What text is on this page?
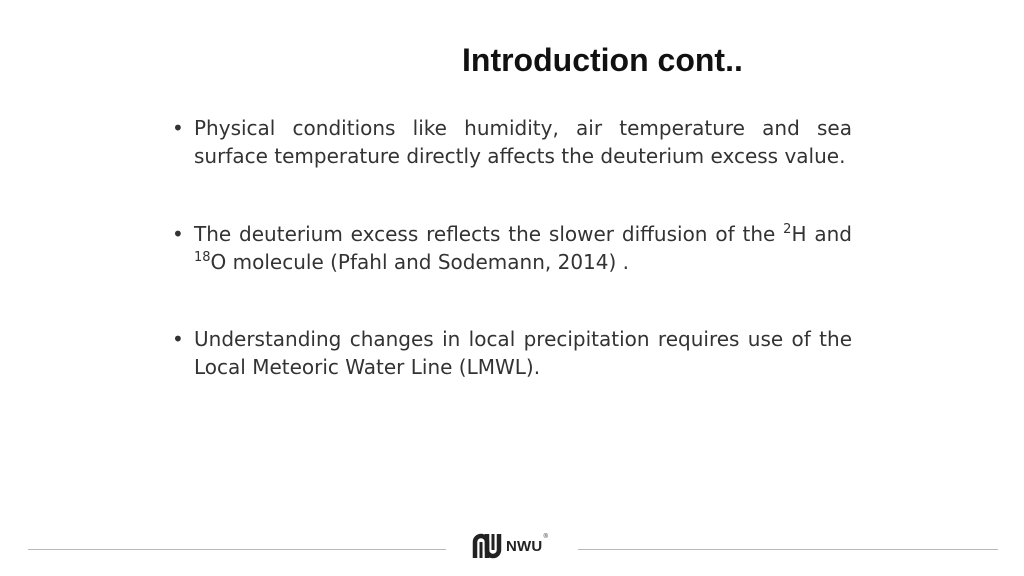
Introduction cont..
• Physical conditions like humidity, air temperature and sea surface temperature directly affects the deuterium excess value.
• The deuterium excess reflects the slower diffusion of the $^2$H and $^{18}$O molecule (Pfahl and Sodemann, 2014) .
• Understanding changes in local precipitation requires use of the Local Meteoric Water Line (LMWL).
NWU
®
